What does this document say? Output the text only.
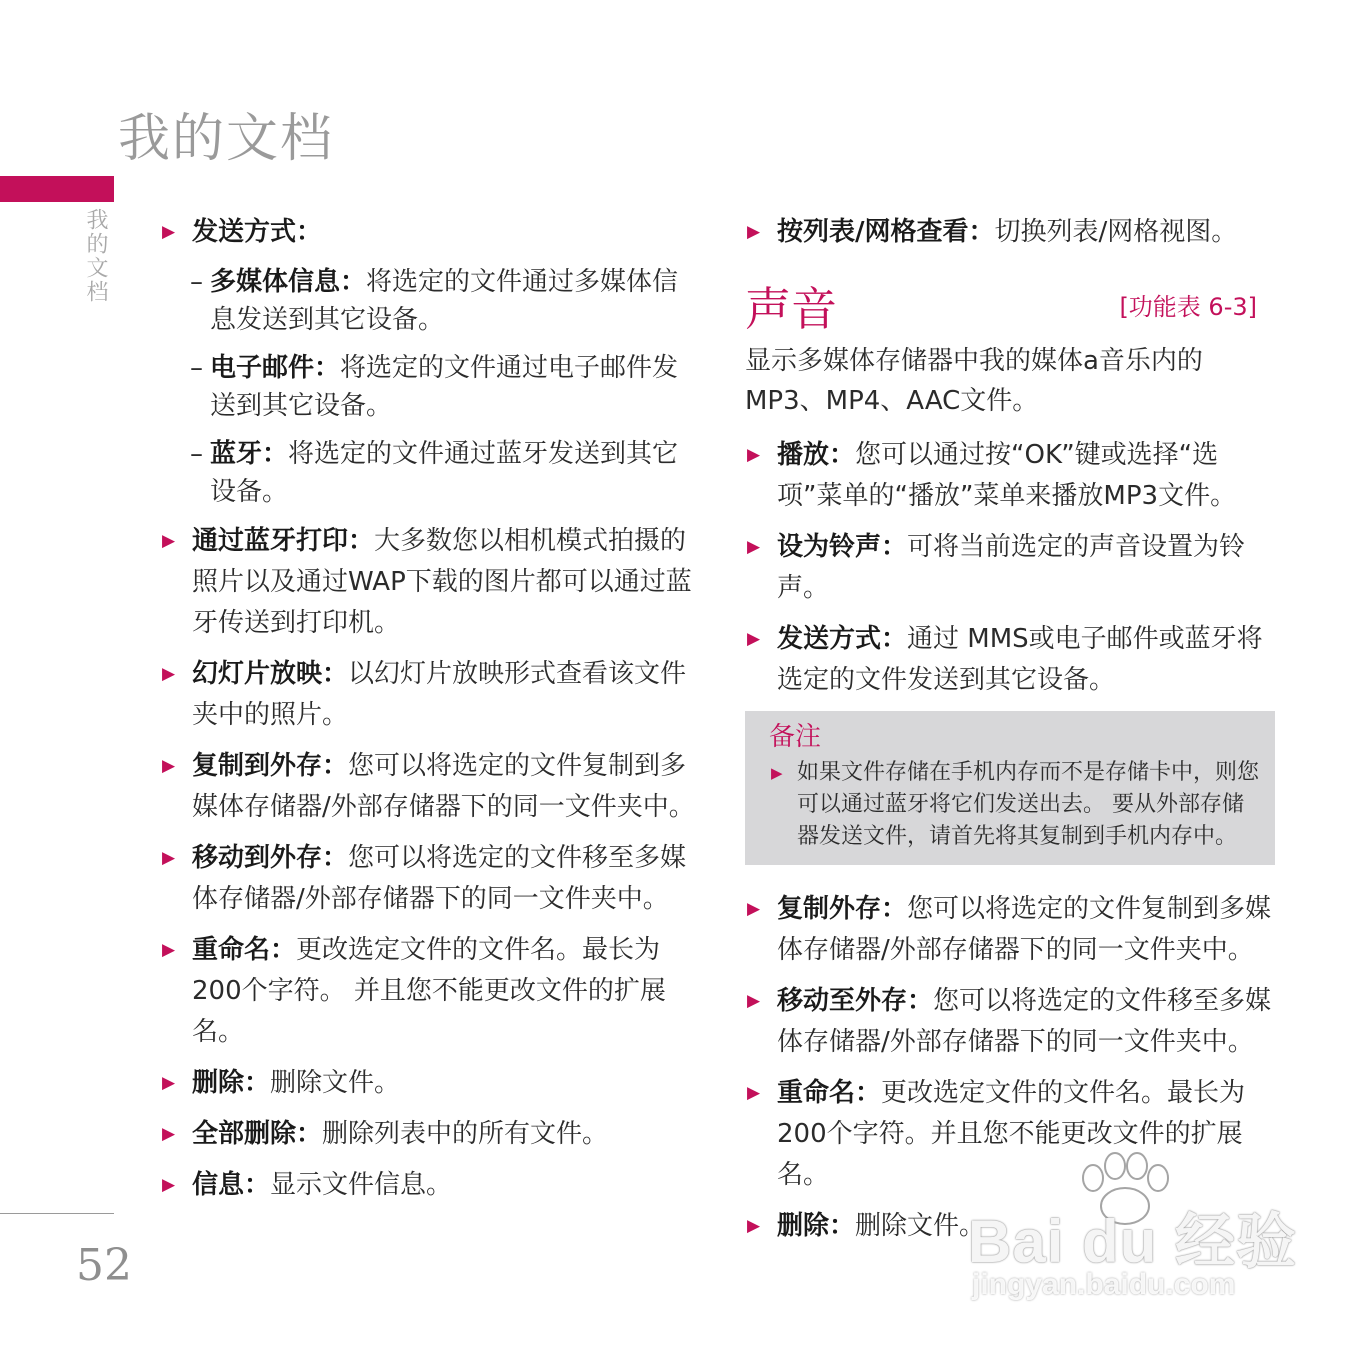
我的文档
我的文档
52
▶ 发送方式：
– 多媒体信息：将选定的文件通过多媒体信息发送到其它设备。
– 电子邮件：将选定的文件通过电子邮件发送到其它设备。
– 蓝牙：将选定的文件通过蓝牙发送到其它设备。
▶ 通过蓝牙打印：大多数您以相机模式拍摄的照片以及通过WAP下载的图片都可以通过蓝牙传送到打印机。
▶ 幻灯片放映：以幻灯片放映形式查看该文件夹中的照片。
▶ 复制到外存：您可以将选定的文件复制到多媒体存储器/外部存储器下的同一文件夹中。
▶ 移动到外存：您可以将选定的文件移至多媒体存储器/外部存储器下的同一文件夹中。
▶ 重命名：更改选定文件的文件名。最长为 200个字符。 并且您不能更改文件的扩展名。
▶ 删除：删除文件。
▶ 全部删除：删除列表中的所有文件。
▶ 信息：显示文件信息。
▶ 按列表/网格查看：切换列表/网格视图。
声音	[功能表 6-3]
显示多媒体存储器中我的媒体a音乐内的 MP3、MP4、AAC文件。
▶ 播放：您可以通过按“OK”键或选择“选项”菜单的“播放”菜单来播放MP3文件。
▶ 设为铃声：可将当前选定的声音设置为铃声。
▶ 发送方式：通过 MMS或电子邮件或蓝牙将选定的文件发送到其它设备。
备注
▶ 如果文件存储在手机内存而不是存储卡中，则您可以通过蓝牙将它们发送出去。 要从外部存储器发送文件，请首先将其复制到手机内存中。
▶ 复制外存：您可以将选定的文件复制到多媒体存储器/外部存储器下的同一文件夹中。
▶ 移动至外存：您可以将选定的文件移至多媒体存储器/外部存储器下的同一文件夹中。
▶ 重命名：更改选定文件的文件名。最长为 200个字符。并且您不能更改文件的扩展名。
▶ 删除：删除文件。
Bai du 经验
jingyan.baidu.com
